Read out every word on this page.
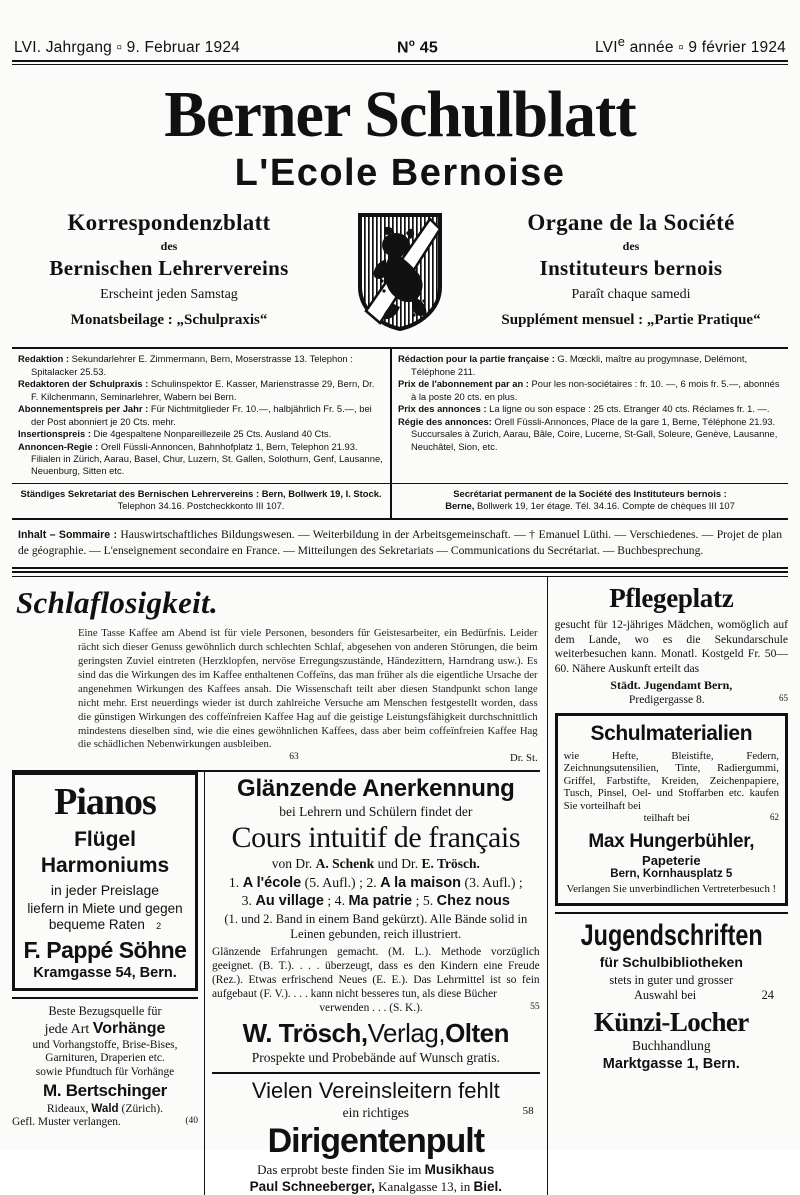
LVI. Jahrgang ▫ 9. Februar 1924	$N^o$ 45	LVIe année ▫ 9 février 1924
Berner Schulblatt
L'Ecole Bernoise
Korrespondenzblatt
des
Bernischen Lehrervereins
Erscheint jeden Samstag
Monatsbeilage : „Schulpraxis“
Organe de la Société
des
Instituteurs bernois
Paraît chaque samedi
Supplément mensuel : „Partie Pratique“

Redaktion : Sekundarlehrer E. Zimmermann, Bern, Moserstrasse 13. Telephon : Spitalacker 25.53.

Redaktoren der Schulpraxis : Schulinspektor E. Kasser, Marienstrasse 29, Bern, Dr. F. Kilchenmann, Seminarlehrer, Wabern bei Bern.

Abonnementspreis per Jahr : Für Nichtmitglieder Fr. 10.—, halbjährlich Fr. 5.—, bei der Post abonniert je 20 Cts. mehr.

Insertionspreis : Die 4gespaltene Nonpareillezeile 25 Cts. Ausland 40 Cts.

Annoncen-Regie : Orell Füssli-Annoncen, Bahnhofplatz 1, Bern, Telephon 21.93. Filialen in Zürich, Aarau, Basel, Chur, Luzern, St. Gallen, Solothurn, Genf, Lausanne, Neuenburg, Sitten etc.

Rédaction pour la partie française : G. Mœckli, maître au progymnase, Delémont, Téléphone 211.

Prix de l'abonnement par an : Pour les non-sociétaires : fr. 10. —, 6 mois fr. 5.—, abonnés à la poste 20 cts. en plus.

Prix des annonces : La ligne ou son espace : 25 cts. Etranger 40 cts. Réclames fr. 1. —.

Régie des annonces: Orell Füssli-Annonces, Place de la gare 1, Berne, Téléphone 21.93. Succursales à Zurich, Aarau, Bâle, Coire, Lucerne, St-Gall, Soleure, Genève, Lausanne, Neuchâtel, Sion, etc.

Ständiges Sekretariat des Bernischen Lehrervereins : Bern, Bollwerk 19, I. Stock. Telephon 34.16. Postcheckkonto III 107.
Secrétariat permanent de la Société des Instituteurs bernois :
Berne, Bollwerk 19, 1er étage. Tél. 34.16. Compte de chèques III 107
Inhalt – Sommaire : Hauswirtschaftliches Bildungswesen. — Weiterbildung in der Arbeitsgemeinschaft. — † Emanuel Lüthi. — Verschiedenes. — Projet de plan de géographie. — L'enseignement secondaire en France. — Mitteilungen des Sekretariats — Communications du Secrétariat. — Buchbesprechung.
Schlaflosigkeit.
Eine Tasse Kaffee am Abend ist für viele Personen, besonders für Geistesarbeiter, ein Bedürfnis. Leider rächt sich dieser Genuss gewöhnlich durch schlechten Schlaf, abgesehen von anderen Störungen, die beim geringsten Zuviel eintreten (Herzklopfen, nervöse Erregungszustände, Händezittern, Harndrang usw.). Es sind das die Wirkungen des im Kaffee enthaltenen Coffeïns, das man früher als die eigentliche Ursache der angenehmen Wirkungen des Kaffees ansah. Die Wissenschaft teilt aber diesen Standpunkt schon lange nicht mehr. Erst neuerdings wieder ist durch zahlreiche Versuche am Menschen festgestellt worden, dass die günstigen Wirkungen des coffeïnfreien Kaffee Hag auf die geistige Leistungsfähigkeit durchschnittlich mindestens dieselben sind, wie die eines gewöhnlichen Kaffees, dass aber beim coffeïnfreien Kaffee Hag die schädlichen Nebenwirkungen ausbleiben.
63	Dr. St.
Pianos
Flügel
Harmoniums
in jeder Preislage
liefern in Miete und gegen
bequeme Raten 2
F. Pappé Söhne
Kramgasse 54, Bern.
Beste Bezugsquelle für
jede Art Vorhänge
und Vorhangstoffe, Brise-Bises, Garnituren, Draperien etc.
sowie Pfundtuch für Vorhänge
M. Bertschinger
Rideaux, Wald (Zürich).
Gefl. Muster verlangen.	(40
Glänzende Anerkennung
bei Lehrern und Schülern findet der
Cours intuitif de français
von Dr. A. Schenk und Dr. E. Trösch.
1. A l'école (5. Aufl.) ; 2. A la maison (3. Aufl.) ;
3. Au village ; 4. Ma patrie ; 5. Chez nous
(1. und 2. Band in einem Band gekürzt). Alle Bände solid in Leinen gebunden, reich illustriert.
Glänzende Erfahrungen gemacht. (M. L.). Methode vorzüglich geeignet. (B. T.). . . . überzeugt, dass es den Kindern eine Freude (Rez.). Etwas erfrischend Neues (E. E.). Das Lehrmittel ist so fein aufgebaut (F. V.). . . . kann nicht besseres tun, als diese Bücher
verwenden . . . (S. K.).	55
W. Trösch,Verlag,Olten
Prospekte und Probebände auf Wunsch gratis.
Vielen Vereinsleitern fehlt
ein richtiges	58
Dirigentenpult
Das erprobt beste finden Sie im Musikhaus
Paul Schneeberger, Kanalgasse 13, in Biel.
Pflegeplatz

gesucht für 12-jähriges Mädchen, womöglich auf dem Lande, wo es die Sekundarschule weiterbesuchen kann. Monatl. Kostgeld Fr. 50—60. Nähere Auskunft erteilt das

Städt. Jugendamt Bern,
Predigergasse 8.	65
Schulmaterialien

wie Hefte, Bleistifte, Federn, Zeichnungsutensilien, Tinte, Radiergummi, Griffel, Farbstifte, Kreiden, Zeichenpapiere, Tusch, Pinsel, Oel- und Stoffarben etc. kaufen Sie vorteilhaft bei

teilhaft bei	62
Max Hungerbühler,
Papeterie
Bern, Kornhausplatz 5
Verlangen Sie unverbindlichen Vertreterbesuch !
Jugendschriften
für Schulbibliotheken

stets in guter und grosser

Auswahl bei	24
Künzi-Locher
Buchhandlung
Marktgasse 1, Bern.
